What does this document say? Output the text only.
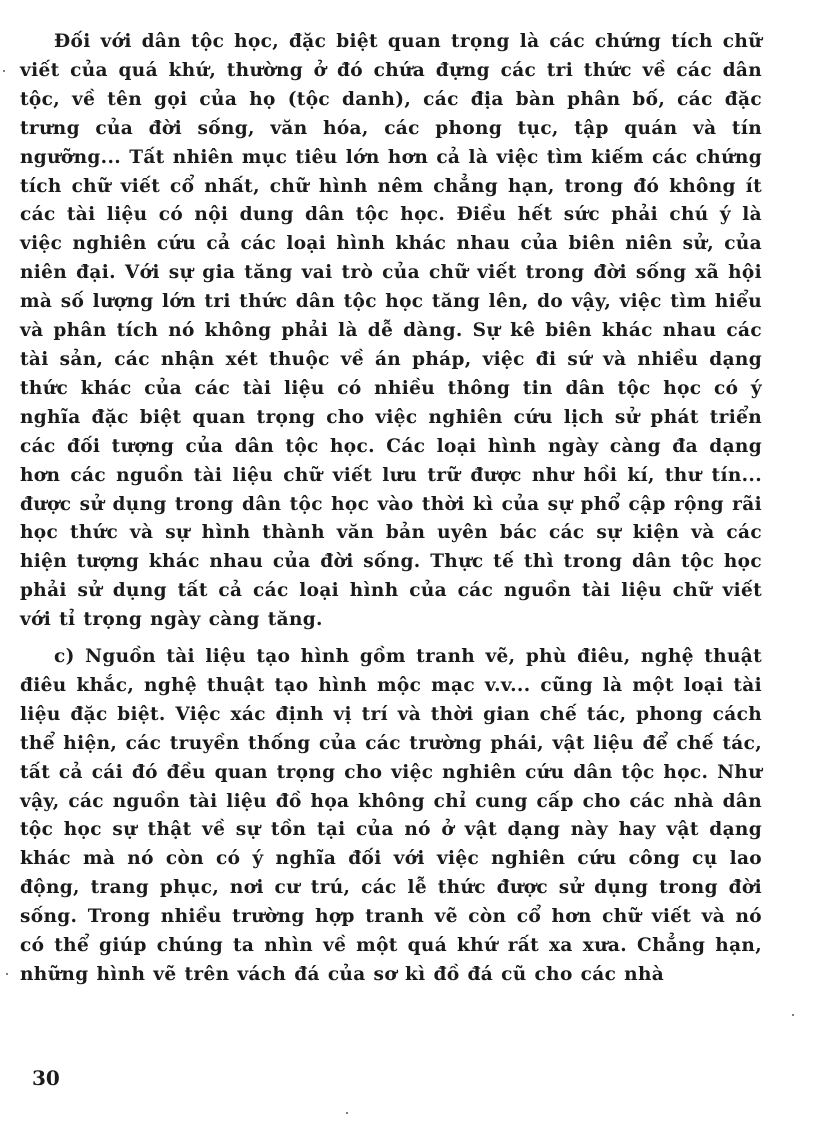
Đối với dân tộc học, đặc biệt quan trọng là các chứng tích chữ viết của quá khứ, thường ở đó chứa đựng các tri thức về các dân tộc, về tên gọi của họ (tộc danh), các địa bàn phân bố, các đặc trưng của đời sống, văn hóa, các phong tục, tập quán và tín ngưỡng... Tất nhiên mục tiêu lớn hơn cả là việc tìm kiếm các chứng tích chữ viết cổ nhất, chữ hình nêm chẳng hạn, trong đó không ít các tài liệu có nội dung dân tộc học. Điều hết sức phải chú ý là việc nghiên cứu cả các loại hình khác nhau của biên niên sử, của niên đại. Với sự gia tăng vai trò của chữ viết trong đời sống xã hội mà số lượng lớn tri thức dân tộc học tăng lên, do vậy, việc tìm hiểu và phân tích nó không phải là dễ dàng. Sự kê biên khác nhau các tài sản, các nhận xét thuộc về án pháp, việc đi sứ và nhiều dạng thức khác của các tài liệu có nhiều thông tin dân tộc học có ý nghĩa đặc biệt quan trọng cho việc nghiên cứu lịch sử phát triển các đối tượng của dân tộc học. Các loại hình ngày càng đa dạng hơn các nguồn tài liệu chữ viết lưu trữ được như hồi kí, thư tín... được sử dụng trong dân tộc học vào thời kì của sự phổ cập rộng rãi học thức và sự hình thành văn bản uyên bác các sự kiện và các hiện tượng khác nhau của đời sống. Thực tế thì trong dân tộc học phải sử dụng tất cả các loại hình của các nguồn tài liệu chữ viết với tỉ trọng ngày càng tăng.

c) Nguồn tài liệu tạo hình gồm tranh vẽ, phù điêu, nghệ thuật điêu khắc, nghệ thuật tạo hình mộc mạc v.v... cũng là một loại tài liệu đặc biệt. Việc xác định vị trí và thời gian chế tác, phong cách thể hiện, các truyền thống của các trường phái, vật liệu để chế tác, tất cả cái đó đều quan trọng cho việc nghiên cứu dân tộc học. Như vậy, các nguồn tài liệu đồ họa không chỉ cung cấp cho các nhà dân tộc học sự thật về sự tồn tại của nó ở vật dạng này hay vật dạng khác mà nó còn có ý nghĩa đối với việc nghiên cứu công cụ lao động, trang phục, nơi cư trú, các lễ thức được sử dụng trong đời sống. Trong nhiều trường hợp tranh vẽ còn cổ hơn chữ viết và nó có thể giúp chúng ta nhìn về một quá khứ rất xa xưa. Chẳng hạn, những hình vẽ trên vách đá của sơ kì đồ đá cũ cho các nhà

30
